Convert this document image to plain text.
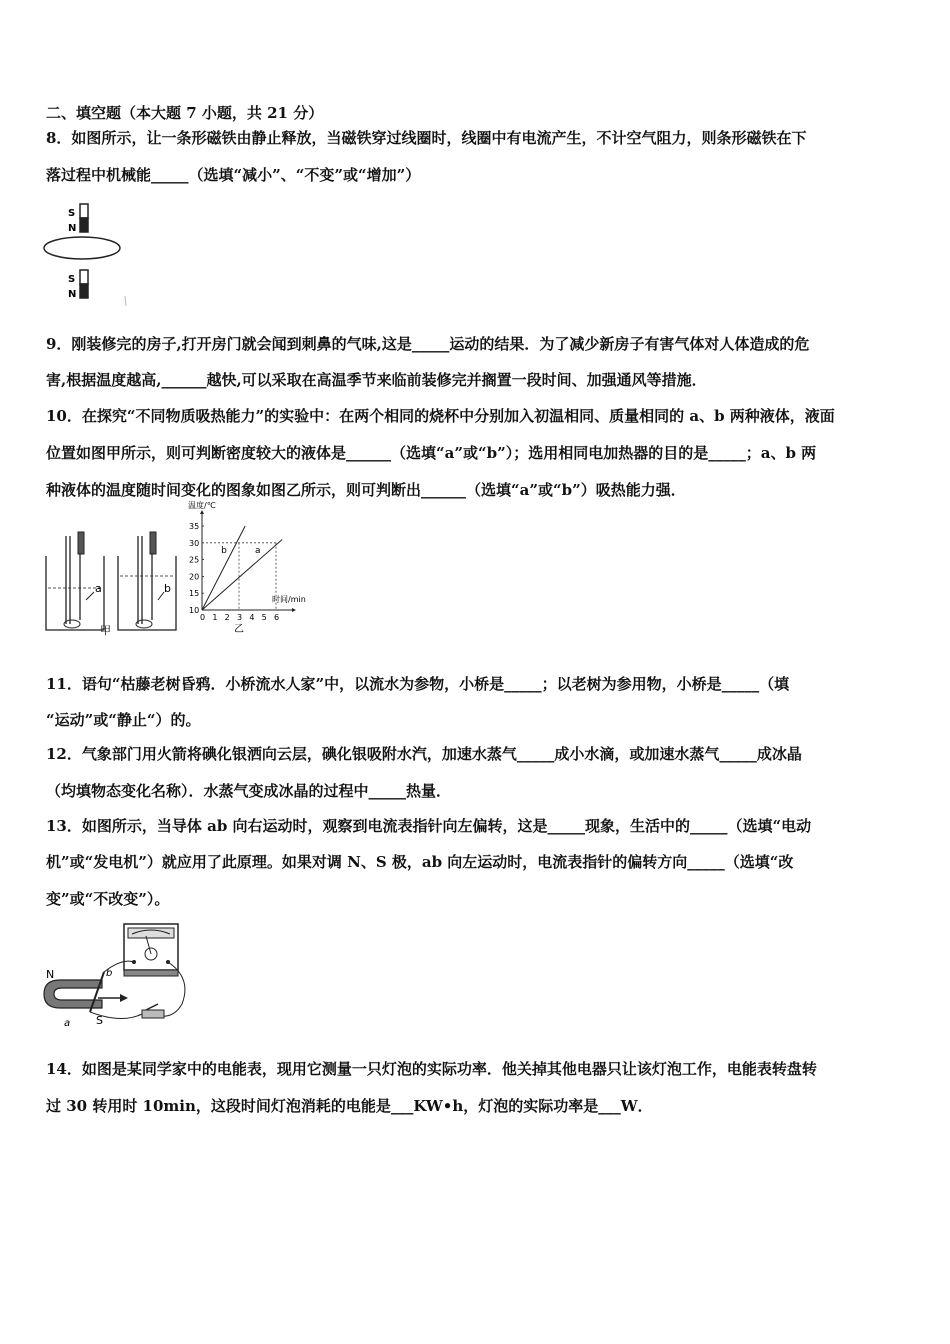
二、填空题（本大题 7 小题，共 21 分）
8．如图所示，让一条形磁铁由静止释放，当磁铁穿过线圈时，线圈中有电流产生，不计空气阻力，则条形磁铁在下
落过程中机械能_____（选填“减小”、“不变”或“增加”）
S
N
S
N
9．刚装修完的房子,打开房门就会闻到刺鼻的气味,这是_____运动的结果．为了减少新房子有害气体对人体造成的危
害,根据温度越高,______越快,可以采取在高温季节来临前装修完并搁置一段时间、加强通风等措施．
10．在探究“不同物质吸热能力”的实验中：在两个相同的烧杯中分别加入初温相同、质量相同的 a、b 两种液体，液面
位置如图甲所示，则可判断密度较大的液体是______（选填“a”或“b”）；选用相同电加热器的目的是_____；a、b 两
种液体的温度随时间变化的图象如图乙所示，则可判断出______（选填“a”或“b”）吸热能力强．
a	b
甲
0 1 2 3 4 5 6
10
15
20
25
30
35
温度/℃
时间/min
b	a
乙
11．语句“枯藤老树昏鸦．小桥流水人家”中，以流水为参物，小桥是_____；以老树为参用物，小桥是_____（填
“运动”或“静止“）的。
12．气象部门用火箭将碘化银洒向云层，碘化银吸附水汽，加速水蒸气_____成小水滴，或加速水蒸气_____成冰晶
（均填物态变化名称）．水蒸气变成冰晶的过程中_____热量．
13．如图所示，当导体 ab 向右运动时，观察到电流表指针向左偏转，这是_____现象，生活中的_____（选填“电动
机”或“发电机”）就应用了此原理。如果对调 N、S 极，ab 向左运动时，电流表指针的偏转方向_____（选填“改
变”或“不改变”）。
N
S
b
a
14．如图是某同学家中的电能表，现用它测量一只灯泡的实际功率．他关掉其他电器只让该灯泡工作，电能表转盘转
过 30 转用时 10min，这段时间灯泡消耗的电能是___KW•h，灯泡的实际功率是___W．
